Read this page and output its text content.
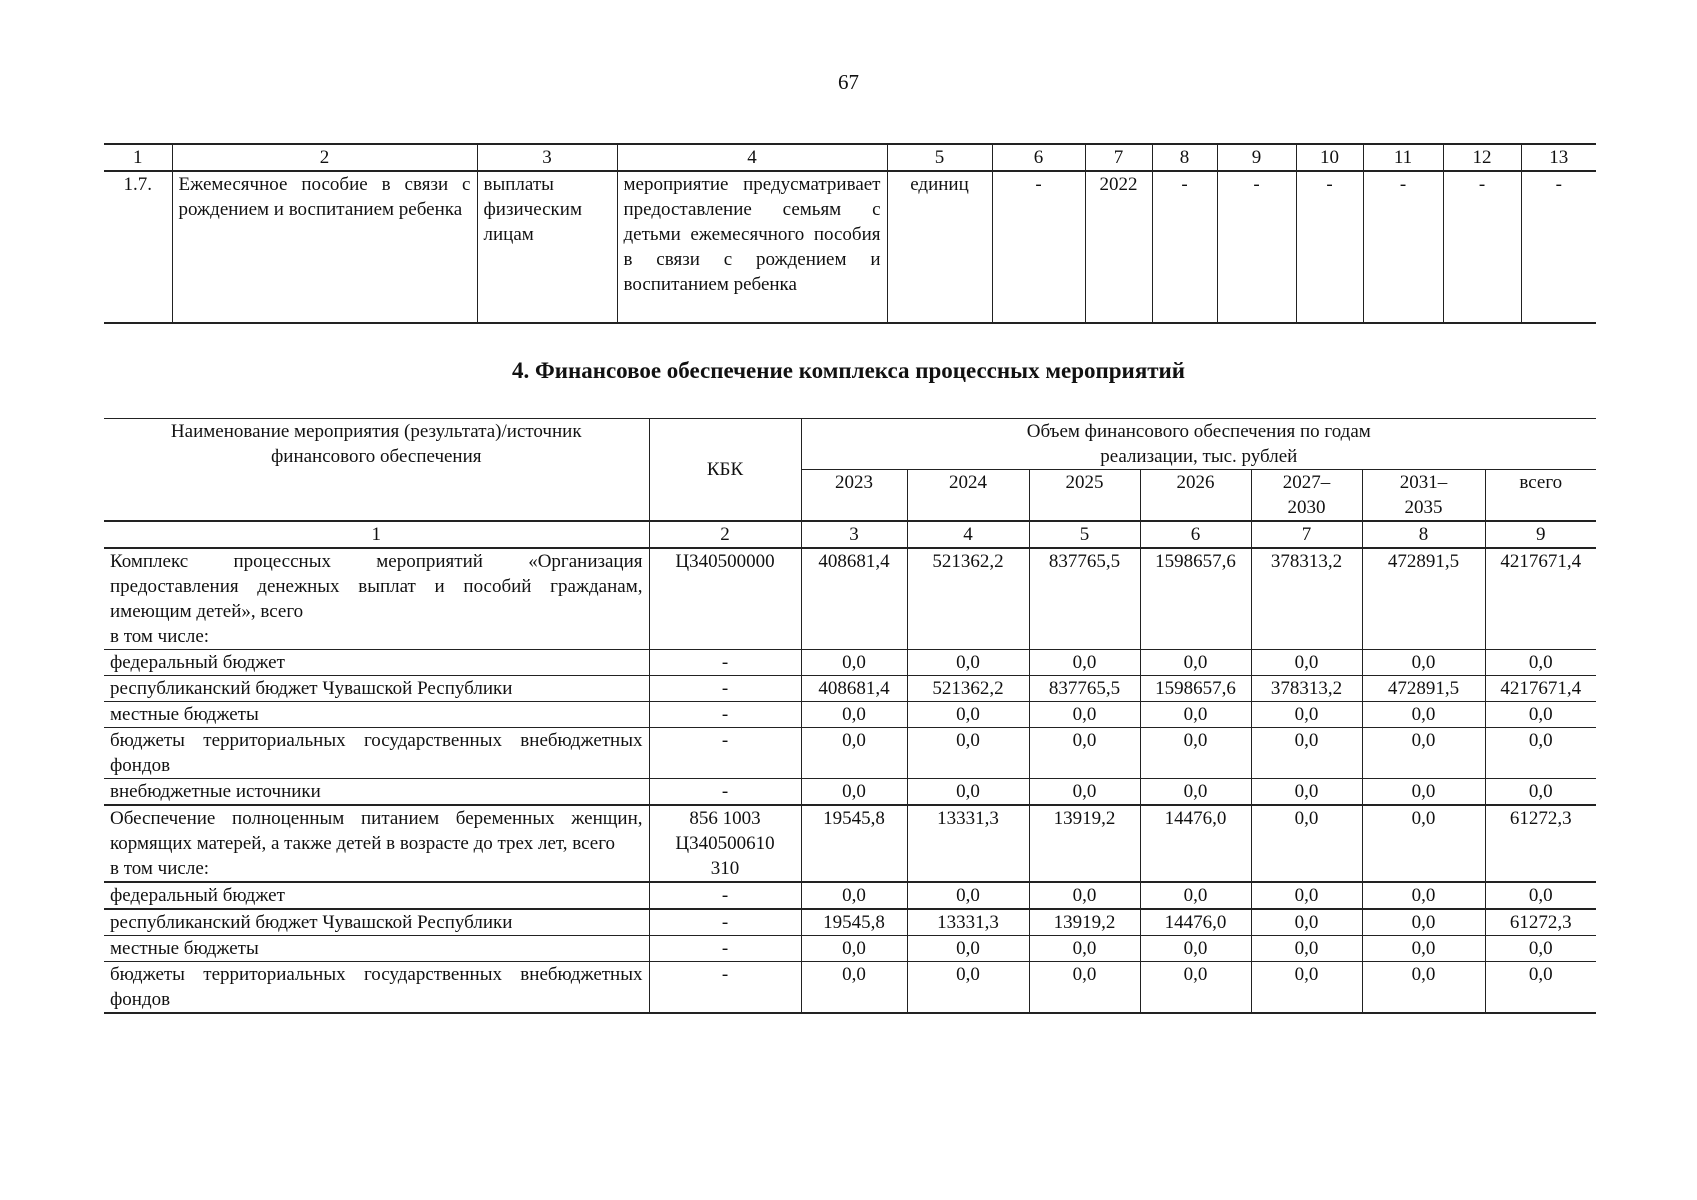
67
1	2	3	4	5	6	7	8	9	10	11	12	13
1.7.	Ежемесячное пособие в связи с рождением и воспитанием ребенка	выплаты физическим лицам	мероприятие предусматривает предоставление семьям с детьми ежемесячного пособия в связи с рождением и воспитанием ребенка	единиц	-	2022	-	-	-	-	-	-
4. Финансовое обеспечение комплекса процессных мероприятий
Наименование мероприятия (результата)/источник финансового обеспечения	КБК	Объем финансового обеспечения по годам реализации, тыс. рублей						
		2023	2024	2025	2026	2027–2030	2031–2035	всего
1	2	3	4	5	6	7	8	9
Комплекс процессных мероприятий «Организация предоставления денежных выплат и пособий гражданам, имеющим детей», всего
в том числе:	Ц340500000	408681,4	521362,2	837765,5	1598657,6	378313,2	472891,5	4217671,4
федеральный бюджет	-	0,0	0,0	0,0	0,0	0,0	0,0	0,0
республиканский бюджет Чувашской Республики	-	408681,4	521362,2	837765,5	1598657,6	378313,2	472891,5	4217671,4
местные бюджеты	-	0,0	0,0	0,0	0,0	0,0	0,0	0,0
бюджеты территориальных государственных внебюджетных фондов	-	0,0	0,0	0,0	0,0	0,0	0,0	0,0
внебюджетные источники	-	0,0	0,0	0,0	0,0	0,0	0,0	0,0
Обеспечение полноценным питанием беременных женщин, кормящих матерей, а также детей в возрасте до трех лет, всего
в том числе:	856 1003 Ц340500610 310	19545,8	13331,3	13919,2	14476,0	0,0	0,0	61272,3
федеральный бюджет	-	0,0	0,0	0,0	0,0	0,0	0,0	0,0
республиканский бюджет Чувашской Республики	-	19545,8	13331,3	13919,2	14476,0	0,0	0,0	61272,3
местные бюджеты	-	0,0	0,0	0,0	0,0	0,0	0,0	0,0
бюджеты территориальных государственных внебюджетных фондов	-	0,0	0,0	0,0	0,0	0,0	0,0	0,0
